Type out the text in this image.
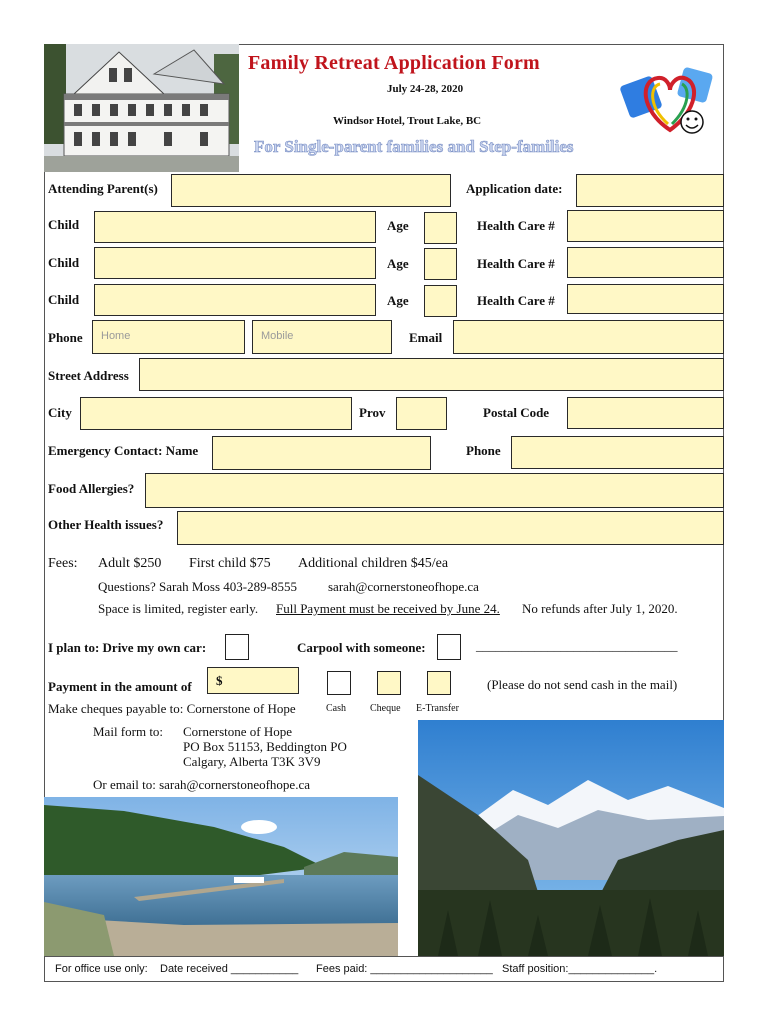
Family Retreat Application Form
July 24-28, 2020
Windsor Hotel, Trout Lake, BC
For Single-parent families and Step-families
Attending Parent(s)	Application date:
Child	Age	Health Care #
Child	Age	Health Care #
Child	Age	Health Care #
Phone	Home	Mobile	Email
Street Address
City	Prov	Postal Code
Emergency Contact: Name	Phone
Food Allergies?
Other Health issues?
Fees: Adult $250 First child $75 Additional children $45/ea
Questions? Sarah Moss 403-289-8555 sarah@cornerstoneofhope.ca
Space is limited, register early. Full Payment must be received by June 24. No refunds after July 1, 2020.
I plan to: Drive my own car:	Carpool with someone:	_______________________________
Payment in the amount of $	(Please do not send cash in the mail)
Make cheques payable to: Cornerstone of Hope	Cash Cheque E-Transfer
Mail form to: Cornerstone of Hope
PO Box 51153, Beddington PO
Calgary, Alberta T3K 3V9
Or email to: sarah@cornerstoneofhope.ca
For office use only: Date received ___________ Fees paid: ____________________ Staff position:______________.
